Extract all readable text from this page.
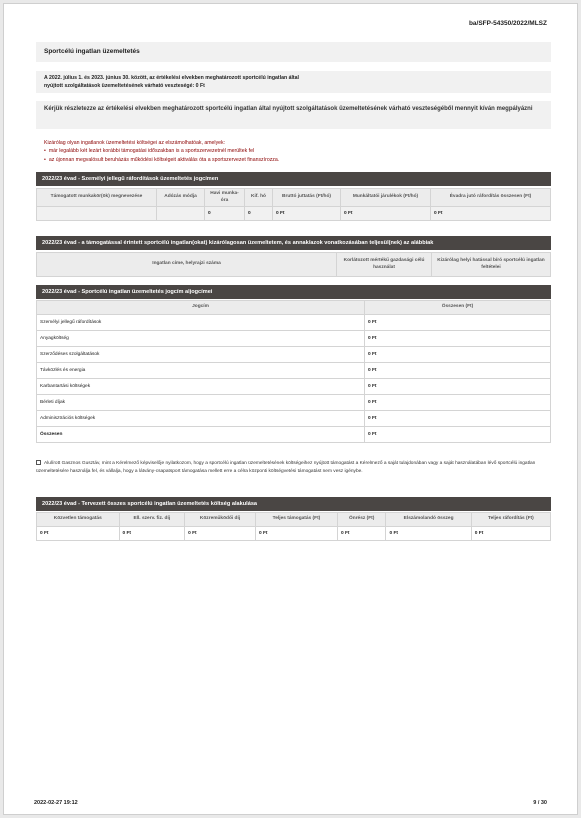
ba/SFP-54350/2022/MLSZ
Sportcélú ingatlan üzemeltetés
A 2022. július 1. és 2023. június 30. között, az értékelési elvekben meghatározott sportcélú ingatlan által
nyújtott szolgáltatások üzemeltetésének várható veszteségé: 0 Ft
Kérjük részletezze az értékelési elvekben meghatározott sportcélú ingatlan által nyújtott szolgáltatások üzemeltetésének várható veszteségéből mennyit kíván megpályázni
Kizárólag olyan ingatlanok üzemeltetési költségei az elszámolhatóak, amelyek:
• már legalább két lezárt korábbi támogatási időszakban is a sportszervezetnél merültek fel
• az újonnan megvalósult beruházás működési költségeit aktiválás óta a sportszervezet finanszírozza.
2022/23 évad - Személyi jellegű ráfordítások üzemeltetés jogcímen
Támogatott munkakör(ök) megnevezése	Adózás módja	Havi munka-óra	Kif. hó	Bruttó juttatás (Ft/hó)	Munkáltatói járulékok (Ft/hó)	Évadra jutó ráfordítás összesen (Ft)
		0	0	0 Ft	0 Ft	0 Ft
2022/23 évad - a támogatással érintett sportcélú ingatlan(okat) kizárólagosan üzemeltetem, és annak/azok vonatkozásában teljesül(nek) az alábbiak
Ingatlan címe, helyrajzi száma	Korlátozott mértékű gazdasági célú használat	Kizárólag helyi hatással bíró sportcélú ingatlan feltételei
2022/23 évad - Sportcélú ingatlan üzemeltetés jogcím aljogcímei
Jogcím	Összesen (Ft)
Személyi jellegű ráfordítások	0 Ft
Anyagköltség	0 Ft
Szerződéses szolgáltatások	0 Ft
Távközlés és energia	0 Ft
Karbantartási költségek	0 Ft
Bérleti díjak	0 Ft
Adminisztrációs költségek	0 Ft
Összesen	0 Ft
Alulírott Gasznos Gusztáv, mint a Kérelmező képviselője nyilatkozom, hogy a sportcélú ingatlan üzemeltetésének költségeihez nyújtott támogatást a Kérelmező a saját tulajdonában vagy a saját használatában lévő sportcélú ingatlan üzemeltetésére használja fel, és vállalja, hogy a látvány-csapatsport támogatása mellett erre a célra központi költségvetési támogatást nem vesz igénybe.
2022/23 évad - Tervezett összes sportcélú ingatlan üzemeltetés költség alakulása
Közvetlen támogatás	Ell. szerv. fiz. díj	Közreműködői díj	Teljes támogatás (Ft)	Önrész (Ft)	Elszámolandó összeg	Teljes ráfordítás (Ft)
0 Ft	0 Ft	0 Ft	0 Ft	0 Ft	0 Ft	0 Ft
2022-02-27 19:12	9 / 30
